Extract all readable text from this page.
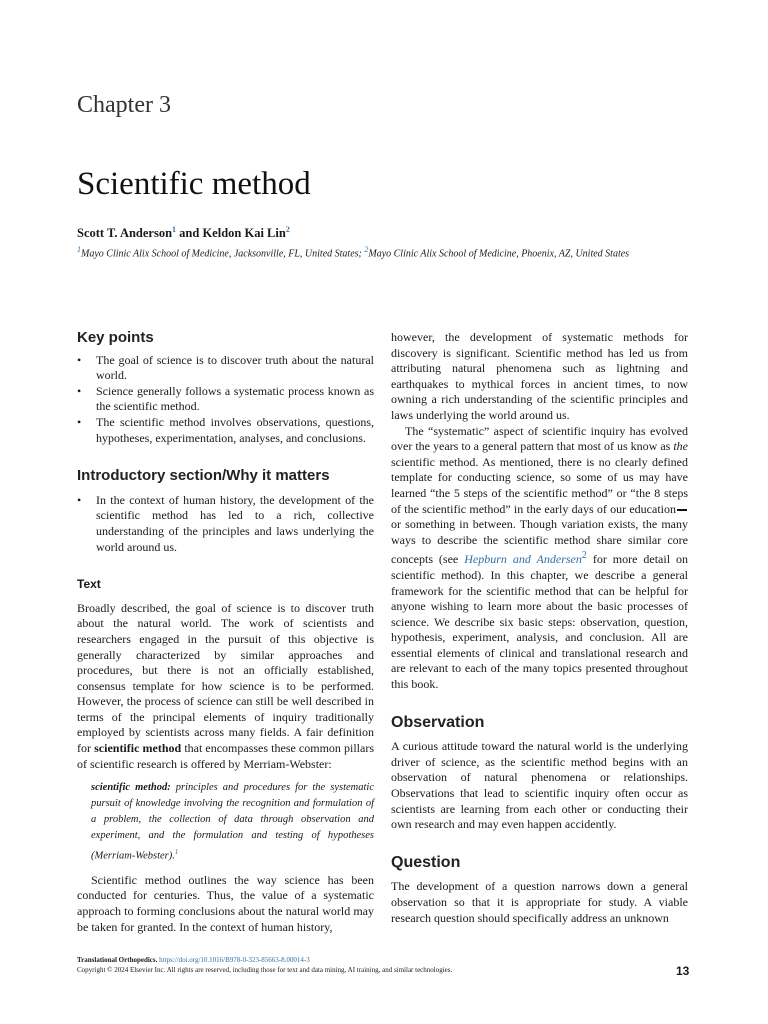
Chapter 3
Scientific method
Scott T. Anderson$^1$ and Keldon Kai Lin$^2$
$^1$Mayo Clinic Alix School of Medicine, Jacksonville, FL, United States; $^2$Mayo Clinic Alix School of Medicine, Phoenix, AZ, United States
Key points
• The goal of science is to discover truth about the natural world.
• Science generally follows a systematic process known as the scientific method.
• The scientific method involves observations, questions, hypotheses, experimentation, analyses, and conclusions.
Introductory section/Why it matters
• In the context of human history, the development of the scientific method has led to a rich, collective understanding of the principles and laws underlying the world around us.
Text

Broadly described, the goal of science is to discover truth about the natural world. The work of scientists and researchers engaged in the pursuit of this objective is generally characterized by similar approaches and procedures, but there is not an officially established, consensus template for how science is to be performed. However, the process of science can still be well described in terms of the principal elements of inquiry traditionally employed by scientists across many fields. A fair definition for scientific method that encompasses these common pillars of scientific research is offered by Merriam-Webster:

scientific method: principles and procedures for the systematic pursuit of knowledge involving the recognition and formulation of a problem, the collection of data through observation and experiment, and the formulation and testing of hypotheses (Merriam-Webster).$^1$

Scientific method outlines the way science has been conducted for centuries. Thus, the value of a systematic approach to forming conclusions about the natural world may be taken for granted. In the context of human history,

however, the development of systematic methods for discovery is significant. Scientific method has led us from attributing natural phenomena such as lightning and earthquakes to mythical forces in ancient times, to now owning a rich understanding of the scientific principles and laws underlying the world around us.

The “systematic” aspect of scientific inquiry has evolved over the years to a general pattern that most of us know as the scientific method. As mentioned, there is no clearly defined template for conducting science, so some of us may have learned “the 5 steps of the scientific method” or “the 8 steps of the scientific method” in the early days of our educationor something in between. Though variation exists, the many ways to describe the scientific method share similar core concepts (see Hepburn and Andersen$^2$ for more detail on scientific method). In this chapter, we describe a general framework for the scientific method that can be helpful for anyone wishing to learn more about the basic processes of science. We describe six basic steps: observation, question, hypothesis, experiment, analysis, and conclusion. All are essential elements of clinical and translational research and are relevant to each of the many topics presented throughout this book.

Observation

A curious attitude toward the natural world is the underlying driver of science, as the scientific method begins with an observation of natural phenomena or relationships. Observations that lead to scientific inquiry often occur as scientists are learning from each other or conducting their own research and may even happen accidently.

Question

The development of a question narrows down a general observation so that it is appropriate for study. A viable research question should specifically address an unknown

Translational Orthopedics. https://doi.org/10.1016/B978-0-323-85663-8.00014-3
Copyright © 2024 Elsevier Inc. All rights are reserved, including those for text and data mining, AI training, and similar technologies.	13
